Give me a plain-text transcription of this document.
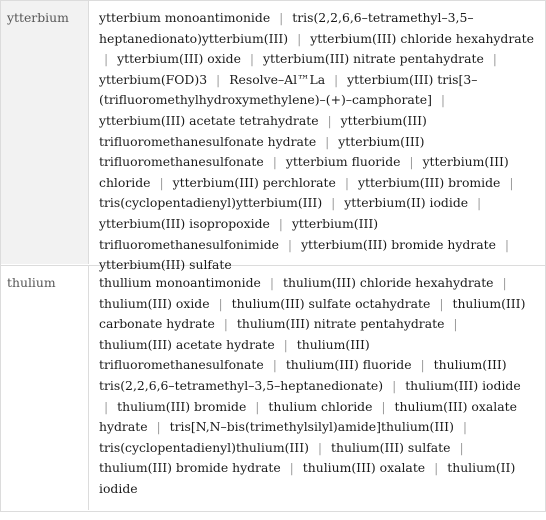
ytterbium	ytterbium monoantimonide | tris(2,2,6,6–tetramethyl–3,5–heptanedionato)ytterbium(III) | ytterbium(III) chloride hexahydrate | ytterbium(III) oxide | ytterbium(III) nitrate pentahydrate | ytterbium(FOD)3 | Resolve–Al™La | ytterbium(III) tris[3–(trifluoromethylhydroxymethylene)–(+)–camphorate] | ytterbium(III) acetate tetrahydrate | ytterbium(III) trifluoromethanesulfonate hydrate | ytterbium(III) trifluoromethanesulfonate | ytterbium fluoride | ytterbium(III) chloride | ytterbium(III) perchlorate | ytterbium(III) bromide | tris(cyclopentadienyl)ytterbium(III) | ytterbium(II) iodide | ytterbium(III) isopropoxide | ytterbium(III) trifluoromethanesulfonimide | ytterbium(III) bromide hydrate | ytterbium(III) sulfate
thulium	thullium monoantimonide | thulium(III) chloride hexahydrate | thulium(III) oxide | thulium(III) sulfate octahydrate | thulium(III) carbonate hydrate | thulium(III) nitrate pentahydrate | thulium(III) acetate hydrate | thulium(III) trifluoromethanesulfonate | thulium(III) fluoride | thulium(III) tris(2,2,6,6–tetramethyl–3,5–heptanedionate) | thulium(III) iodide | thulium(III) bromide | thulium chloride | thulium(III) oxalate hydrate | tris[N,N–bis(trimethylsilyl)amide]thulium(III) | tris(cyclopentadienyl)thulium(III) | thulium(III) sulfate | thulium(III) bromide hydrate | thulium(III) oxalate | thulium(II) iodide
